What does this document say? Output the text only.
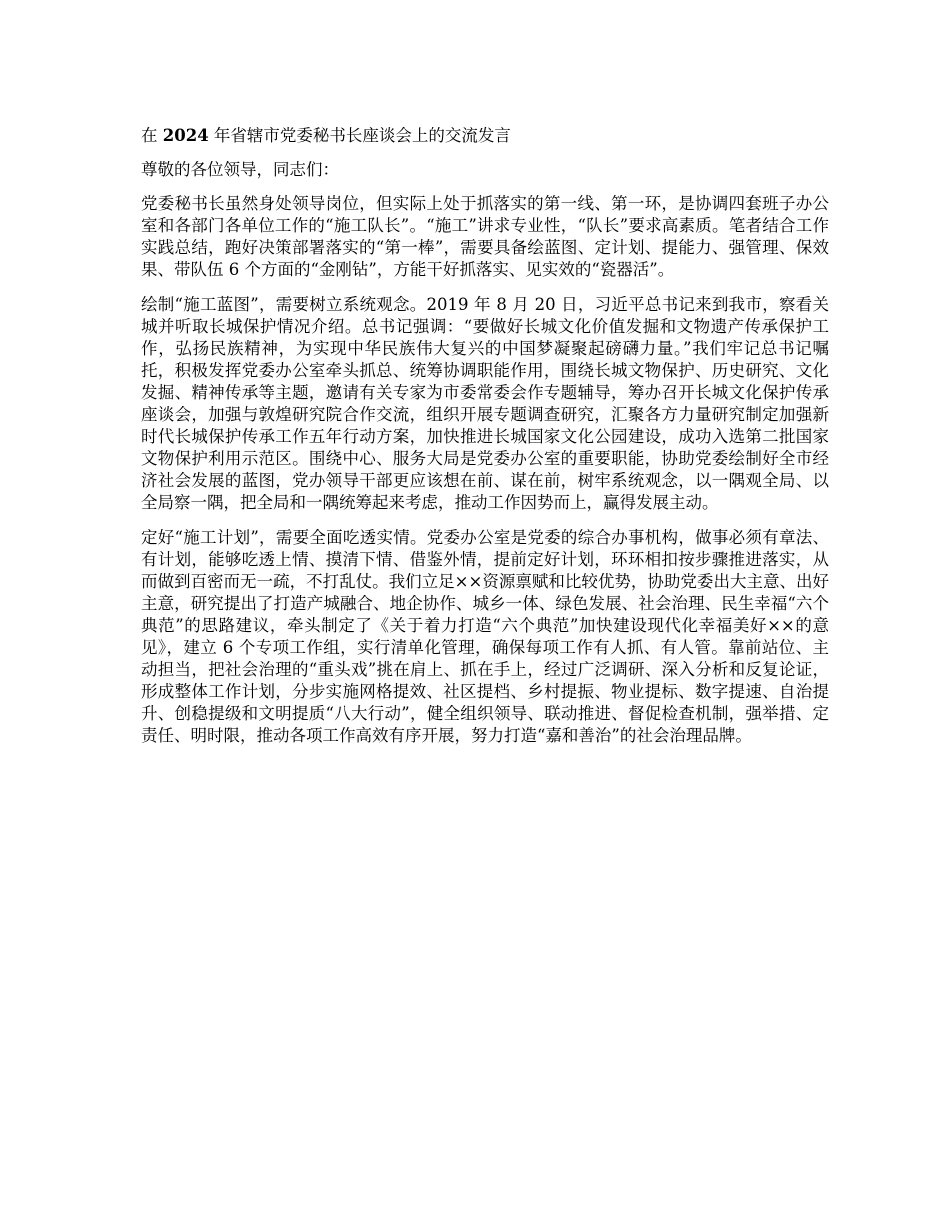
在 2024 年省辖市党委秘书长座谈会上的交流发言
尊敬的各位领导，同志们：
党委秘书长虽然身处领导岗位，但实际上处于抓落实的第一线、第一环，是协调四套班子办公室和各部门各单位工作的“施工队长”。“施工”讲求专业性，“队长”要求高素质。笔者结合工作实践总结，跑好决策部署落实的“第一棒”，需要具备绘蓝图、定计划、提能力、强管理、保效果、带队伍 6 个方面的“金刚钻”，方能干好抓落实、见实效的“瓷器活”。
绘制“施工蓝图”，需要树立系统观念。2019 年 8 月 20 日，习近平总书记来到我市，察看关城并听取长城保护情况介绍。总书记强调：“要做好长城文化价值发掘和文物遗产传承保护工作，弘扬民族精神，为实现中华民族伟大复兴的中国梦凝聚起磅礴力量。”我们牢记总书记嘱托，积极发挥党委办公室牵头抓总、统筹协调职能作用，围绕长城文物保护、历史研究、文化发掘、精神传承等主题，邀请有关专家为市委常委会作专题辅导，筹办召开长城文化保护传承座谈会，加强与敦煌研究院合作交流，组织开展专题调查研究，汇聚各方力量研究制定加强新时代长城保护传承工作五年行动方案，加快推进长城国家文化公园建设，成功入选第二批国家文物保护利用示范区。围绕中心、服务大局是党委办公室的重要职能，协助党委绘制好全市经济社会发展的蓝图，党办领导干部更应该想在前、谋在前，树牢系统观念，以一隅观全局、以全局察一隅，把全局和一隅统筹起来考虑，推动工作因势而上，赢得发展主动。
定好“施工计划”，需要全面吃透实情。党委办公室是党委的综合办事机构，做事必须有章法、有计划，能够吃透上情、摸清下情、借鉴外情，提前定好计划，环环相扣按步骤推进落实，从而做到百密而无一疏，不打乱仗。我们立足××资源禀赋和比较优势，协助党委出大主意、出好主意，研究提出了打造产城融合、地企协作、城乡一体、绿色发展、社会治理、民生幸福“六个典范”的思路建议，牵头制定了《关于着力打造“六个典范”加快建设现代化幸福美好××的意见》，建立 6 个专项工作组，实行清单化管理，确保每项工作有人抓、有人管。靠前站位、主动担当，把社会治理的“重头戏”挑在肩上、抓在手上，经过广泛调研、深入分析和反复论证，形成整体工作计划，分步实施网格提效、社区提档、乡村提振、物业提标、数字提速、自治提升、创稳提级和文明提质“八大行动”，健全组织领导、联动推进、督促检查机制，强举措、定责任、明时限，推动各项工作高效有序开展，努力打造“嘉和善治”的社会治理品牌。
